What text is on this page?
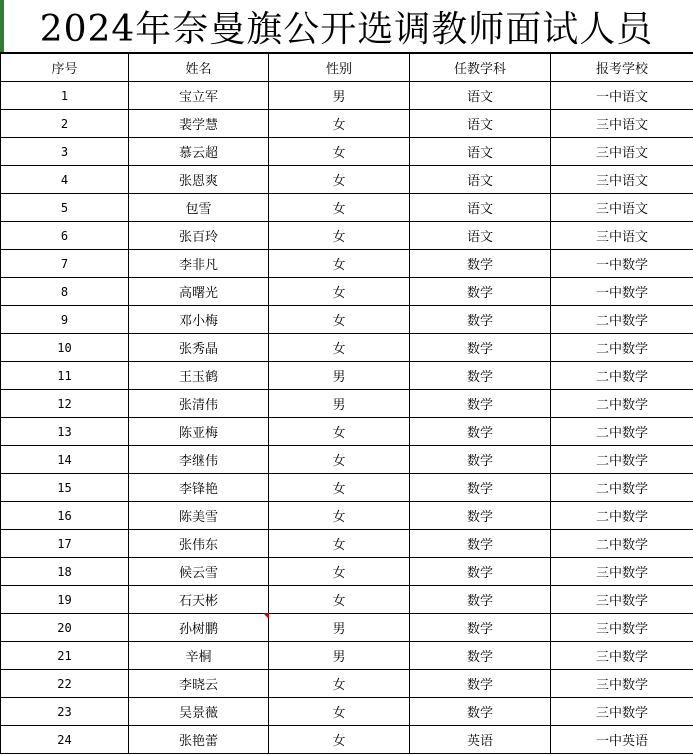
2024年奈曼旗公开选调教师面试人员
序号	姓名	性别	任教学科	报考学校
1	宝立军	男	语文	一中语文
2	裴学慧	女	语文	三中语文
3	慕云超	女	语文	三中语文
4	张恩爽	女	语文	三中语文
5	包雪	女	语文	三中语文
6	张百玲	女	语文	三中语文
7	李非凡	女	数学	一中数学
8	高曙光	女	数学	一中数学
9	邓小梅	女	数学	二中数学
10	张秀晶	女	数学	二中数学
11	王玉鹤	男	数学	二中数学
12	张清伟	男	数学	二中数学
13	陈亚梅	女	数学	二中数学
14	李继伟	女	数学	二中数学
15	李锋艳	女	数学	二中数学
16	陈美雪	女	数学	二中数学
17	张伟东	女	数学	二中数学
18	候云雪	女	数学	三中数学
19	石天彬	女	数学	三中数学
20	孙树鹏	男	数学	三中数学
21	辛桐	男	数学	三中数学
22	李晓云	女	数学	三中数学
23	吴景薇	女	数学	三中数学
24	张艳蕾	女	英语	一中英语
